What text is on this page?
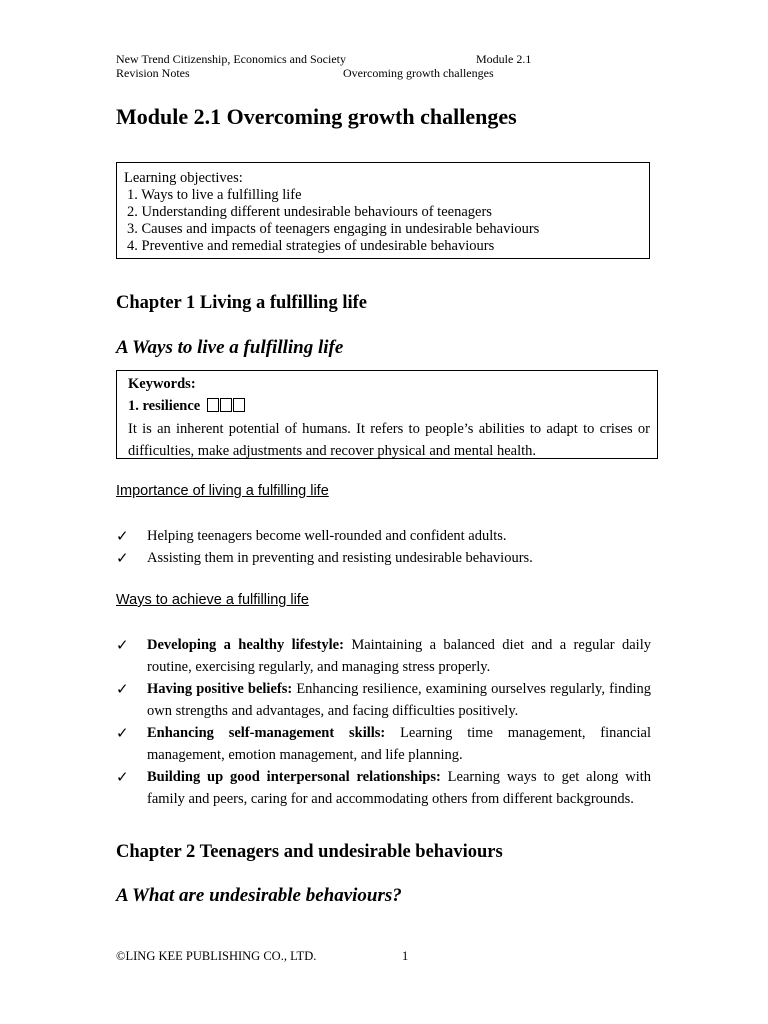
New Trend Citizenship, Economics and Society	Module 2.1
Revision Notes	Overcoming growth challenges
Module 2.1 Overcoming growth challenges
Learning objectives:
1. Ways to live a fulfilling life
2. Understanding different undesirable behaviours of teenagers
3. Causes and impacts of teenagers engaging in undesirable behaviours
4. Preventive and remedial strategies of undesirable behaviours
Chapter 1 Living a fulfilling life
A Ways to live a fulfilling life
Keywords:
1. resilience
It is an inherent potential of humans. It refers to people’s abilities to adapt to crises or difficulties, make adjustments and recover physical and mental health.
Importance of living a fulfilling life
✓ Helping teenagers become well-rounded and confident adults.
✓ Assisting them in preventing and resisting undesirable behaviours.
Ways to achieve a fulfilling life
✓ Developing a healthy lifestyle: Maintaining a balanced diet and a regular daily routine, exercising regularly, and managing stress properly.
✓ Having positive beliefs: Enhancing resilience, examining ourselves regularly, finding own strengths and advantages, and facing difficulties positively.
✓ Enhancing self-management skills: Learning time management, financial management, emotion management, and life planning.
✓ Building up good interpersonal relationships: Learning ways to get along with family and peers, caring for and accommodating others from different backgrounds.
Chapter 2 Teenagers and undesirable behaviours
A What are undesirable behaviours?
©LING KEE PUBLISHING CO., LTD.	1
